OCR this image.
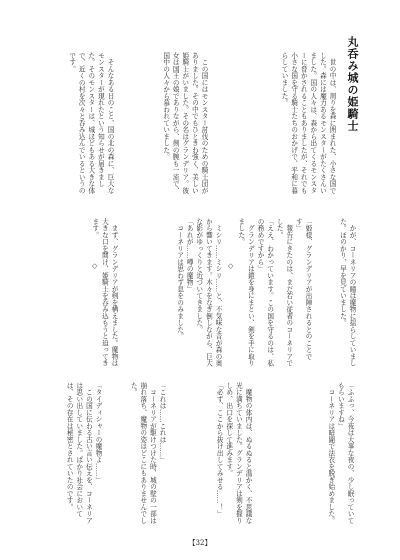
丸呑み城の姫騎士
　世の中は、周りを森に囲まれた、小さな国でした。森には魔力あるモンスターがたくさんいました。国の人々は、森から出てくるモンスターに脅かされることもありましたが、それでも小さな国を守る騎士たちのおかげで、平和に暮らしていました。
　この国にはモンスター討伐のための騎士団がありました。その中でもひときわ強く、美しい姫騎士がいました。その名はグランデリア。彼女は国王の娘でありながら、剣の腕も一流で、国中の人々から慕われていました。
　そんなある日のこと、国の北の森に、巨大なモンスターが現れたという知らせが届きました。そのモンスターは、城ほどもある大きな体で、近くの村を次々と呑み込んでいるというのです。
◇
◇	　かが、コーネリアの瞳は魔物に揺らしていました。ほのかり、早を見ていました。
「姫様、グランデリアが出陣されるとのことです」
　報告にきたのは、まだ若い従者のコーネリアでした。
「ええ、わかっています。この国を守るのは、私の務めですから」
　グランデリアは鎧を身にまとい、剣を手に取りました。
　ミシリ……ミシリ……と、不気味な音が森の奥から響いてきます。木々をなぎ倒しながら、巨大な影がゆっくりと近づいてきました。
「あれが……噂の魔物」
　コーネリアは思わず息をのみました。
　まず、グランデリアが剣を構えました。魔物は大きな口を開け、姫騎士を呑み込もうと迫ってきます。
「ふふっ、今夜は大事な夜の、少し眠っていてもらいますね」
　コーネリアは暗闇で法衣を脱ぎ始めました。
　魔物の体内は、ぬるぬると温かく、不思議な光に満ちていました。グランデリアは剣を握りしめ、出口を探して進みます。
「必ず、ここから抜け出してみせる……！」
「これは……これは……」
　コーネリアが駆けつけた時、城の壁の一部は崩れ落ち、魔物の姿はどこにもありませんでした。
「タイディシャーの魔物よ……」
　この国に伝わる古い言い伝えを、コーネリアは思い出していました。ばかり社会においては、その存在は秘密とされていたのです。
【32】
